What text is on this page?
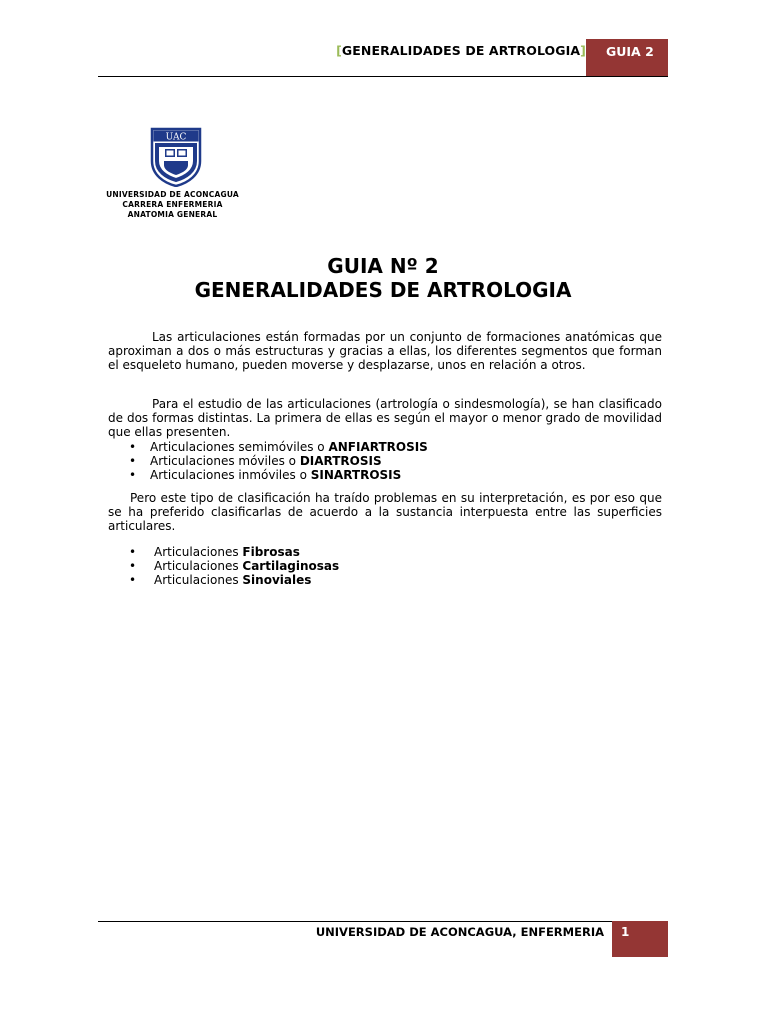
[GENERALIDADES DE ARTROLOGIA]	GUIA 2
UAC
UNIVERSIDAD DE ACONCAGUA
CARRERA ENFERMERIA
ANATOMIA GENERAL
GUIA Nº 2
GENERALIDADES DE ARTROLOGIA
Las articulaciones están formadas por un conjunto de formaciones anatómicas que aproximan a dos o más estructuras y gracias a ellas, los diferentes segmentos que forman el esqueleto humano, pueden moverse y desplazarse, unos en relación a otros.
Para el estudio de las articulaciones (artrología o sindesmología), se han clasificado de dos formas distintas. La primera de ellas es según el mayor o menor grado de movilidad que ellas presenten.
• Articulaciones semimóviles o ANFIARTROSIS
• Articulaciones móviles o DIARTROSIS
• Articulaciones inmóviles o SINARTROSIS
Pero este tipo de clasificación ha traído problemas en su interpretación, es por eso que se ha preferido clasificarlas de acuerdo a la sustancia interpuesta entre las superficies articulares.
• Articulaciones Fibrosas
• Articulaciones Cartilaginosas
• Articulaciones Sinoviales
UNIVERSIDAD DE ACONCAGUA, ENFERMERIA	1
